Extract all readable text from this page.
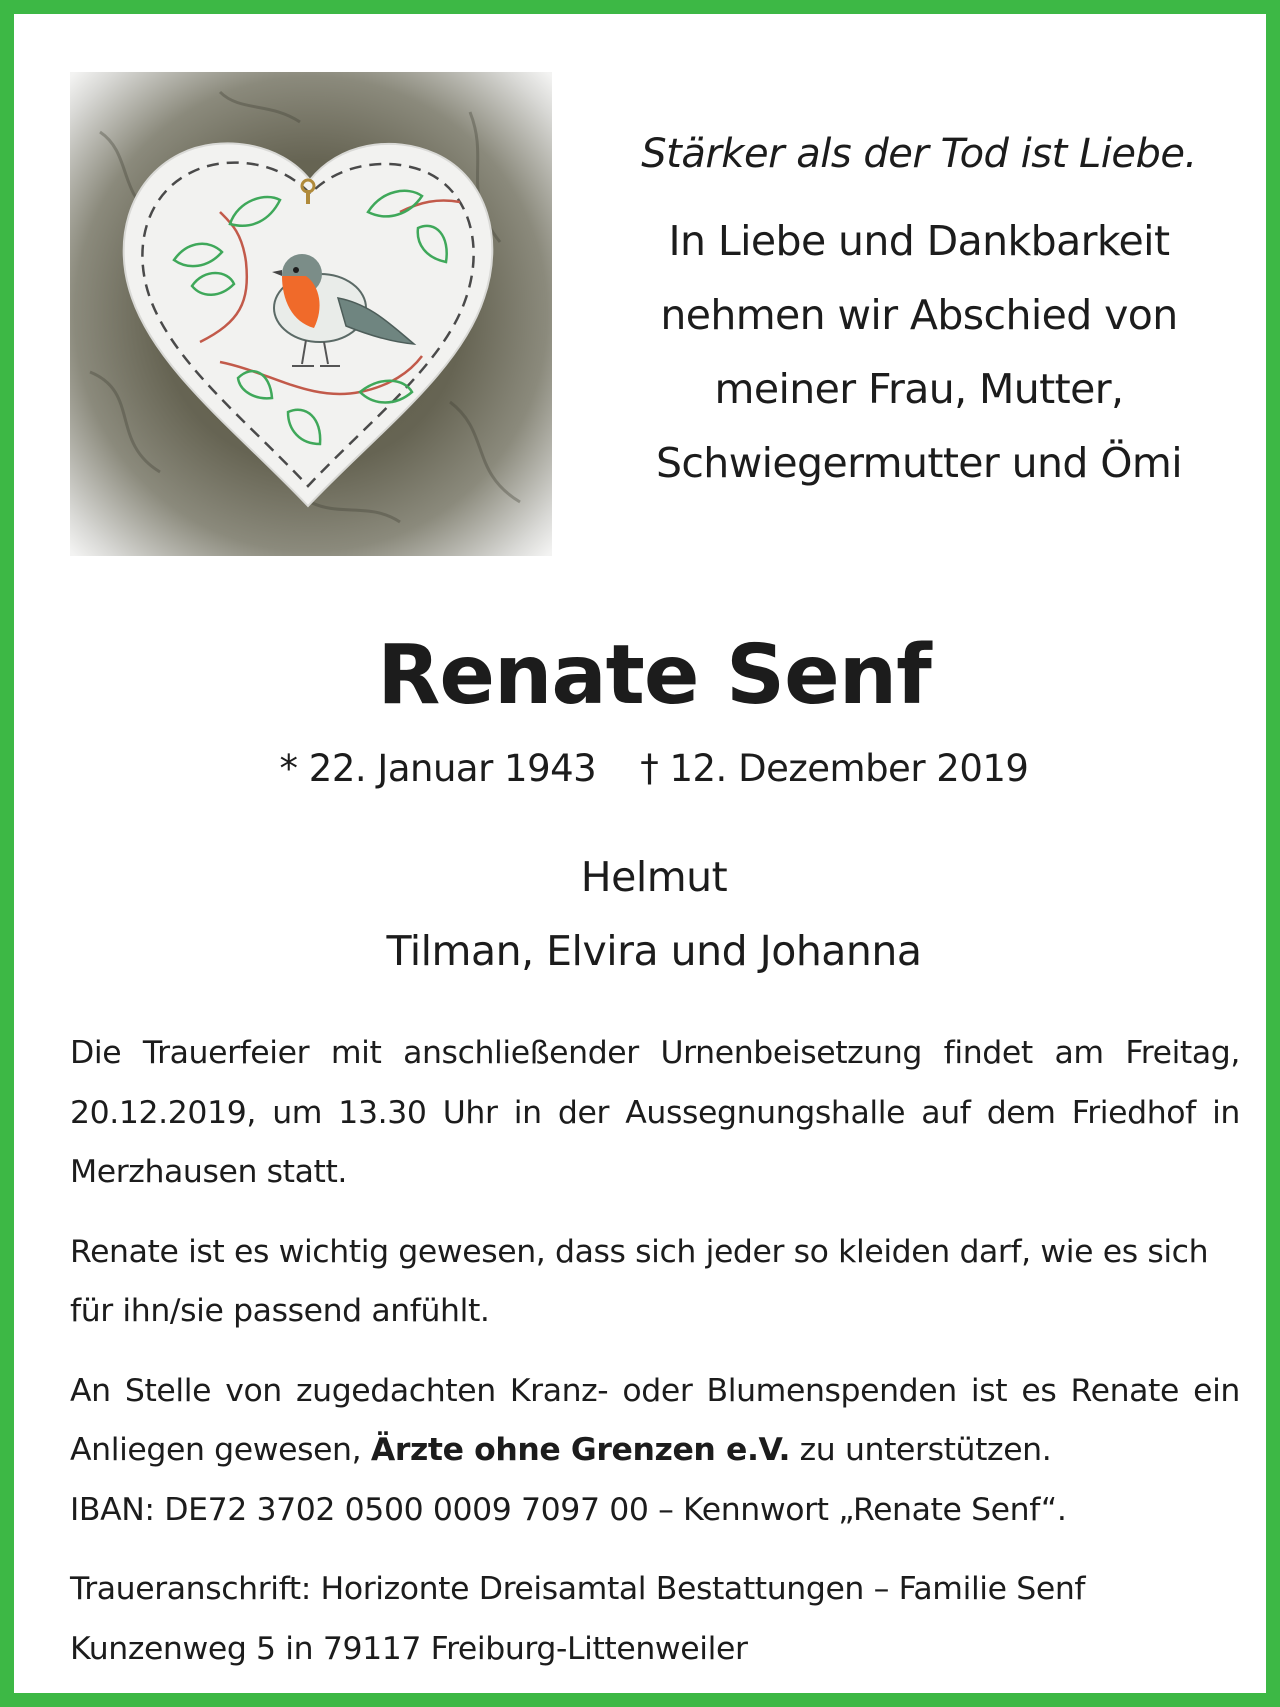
Stärker als der Tod ist Liebe.

In Liebe und Dankbarkeit
nehmen wir Abschied von
meiner Frau, Mutter,
Schwiegermutter und Ömi

Renate Senf
* 22. Januar 1943 † 12. Dezember 2019
Helmut
Tilman, Elvira und Johanna

Die Trauerfeier mit anschließender Urnenbeisetzung findet am Freitag, 20.12.2019, um 13.30 Uhr in der Aussegnungshalle auf dem Friedhof in Merzhausen statt.

Renate ist es wichtig gewesen, dass sich jeder so kleiden darf, wie es sich für ihn/sie passend anfühlt.

An Stelle von zugedachten Kranz- oder Blumenspenden ist es Renate ein Anliegen gewesen, Ärzte ohne Grenzen e.V. zu unterstützen.
IBAN: DE72 3702 0500 0009 7097 00 – Kennwort „Renate Senf“.

Traueranschrift: Horizonte Dreisamtal Bestattungen – Familie Senf
Kunzenweg 5 in 79117 Freiburg-Littenweiler
